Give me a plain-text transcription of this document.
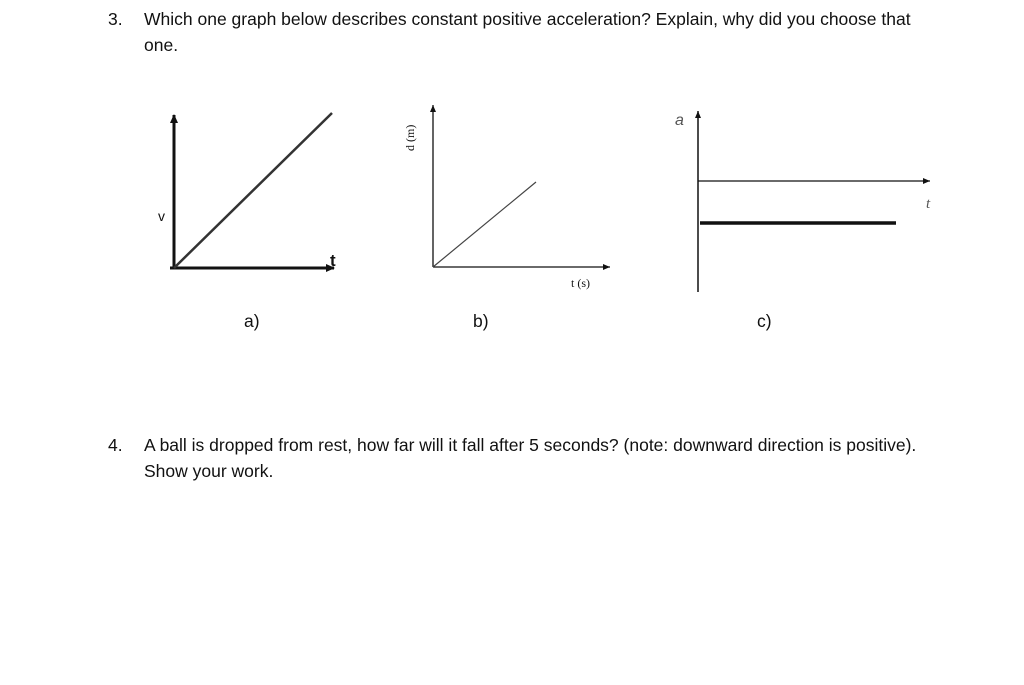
3. Which one graph below describes constant positive acceleration? Explain, why did you choose that one.
v
t
a)
d (m)
t (s)
b)
a
t
c)
4. A ball is dropped from rest, how far will it fall after 5 seconds? (note: downward direction is positive). Show your work.
